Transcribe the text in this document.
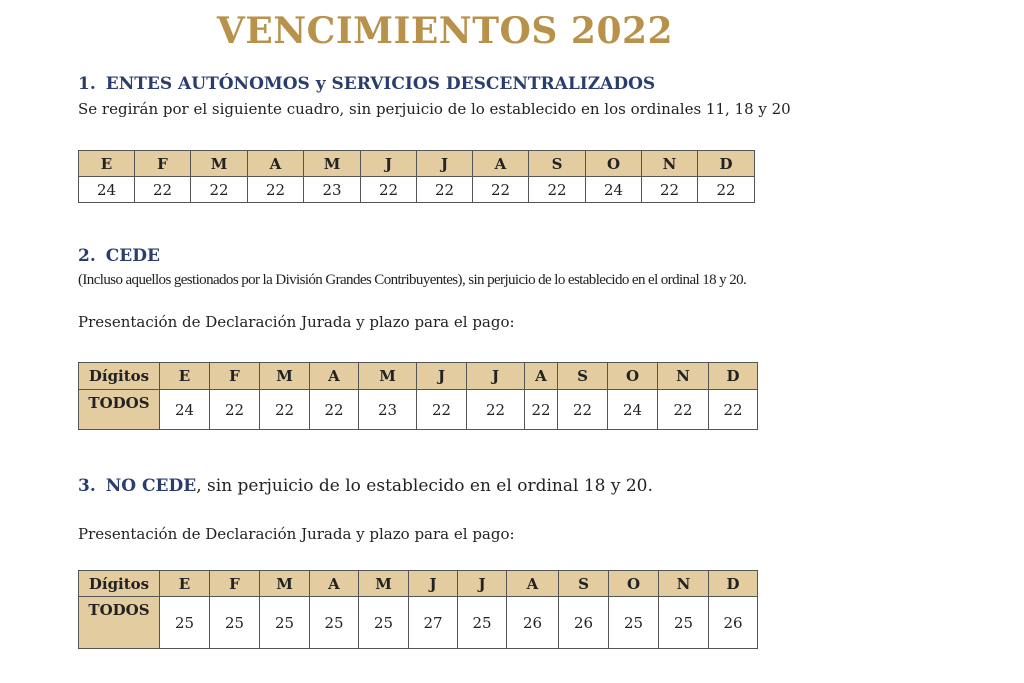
VENCIMIENTOS 2022
1. ENTES AUTÓNOMOS y SERVICIOS DESCENTRALIZADOS
Se regirán por el siguiente cuadro, sin perjuicio de lo establecido en los ordinales 11, 18 y 20
E	F	M	A	M	J	J	A	S	O	N	D
24	22	22	22	23	22	22	22	22	24	22	22
2. CEDE
(Incluso aquellos gestionados por la División Grandes Contribuyentes), sin perjuicio de lo establecido en el ordinal 18 y 20.
Presentación de Declaración Jurada y plazo para el pago:
Dígitos	E	F	M	A	M	J	J	A	S	O	N	D
TODOS	24	22	22	22	23	22	22	22	22	24	22	22
3. NO CEDE, sin perjuicio de lo establecido en el ordinal 18 y 20.
Presentación de Declaración Jurada y plazo para el pago:
Dígitos	E	F	M	A	M	J	J	A	S	O	N	D
TODOS	25	25	25	25	25	27	25	26	26	25	25	26
